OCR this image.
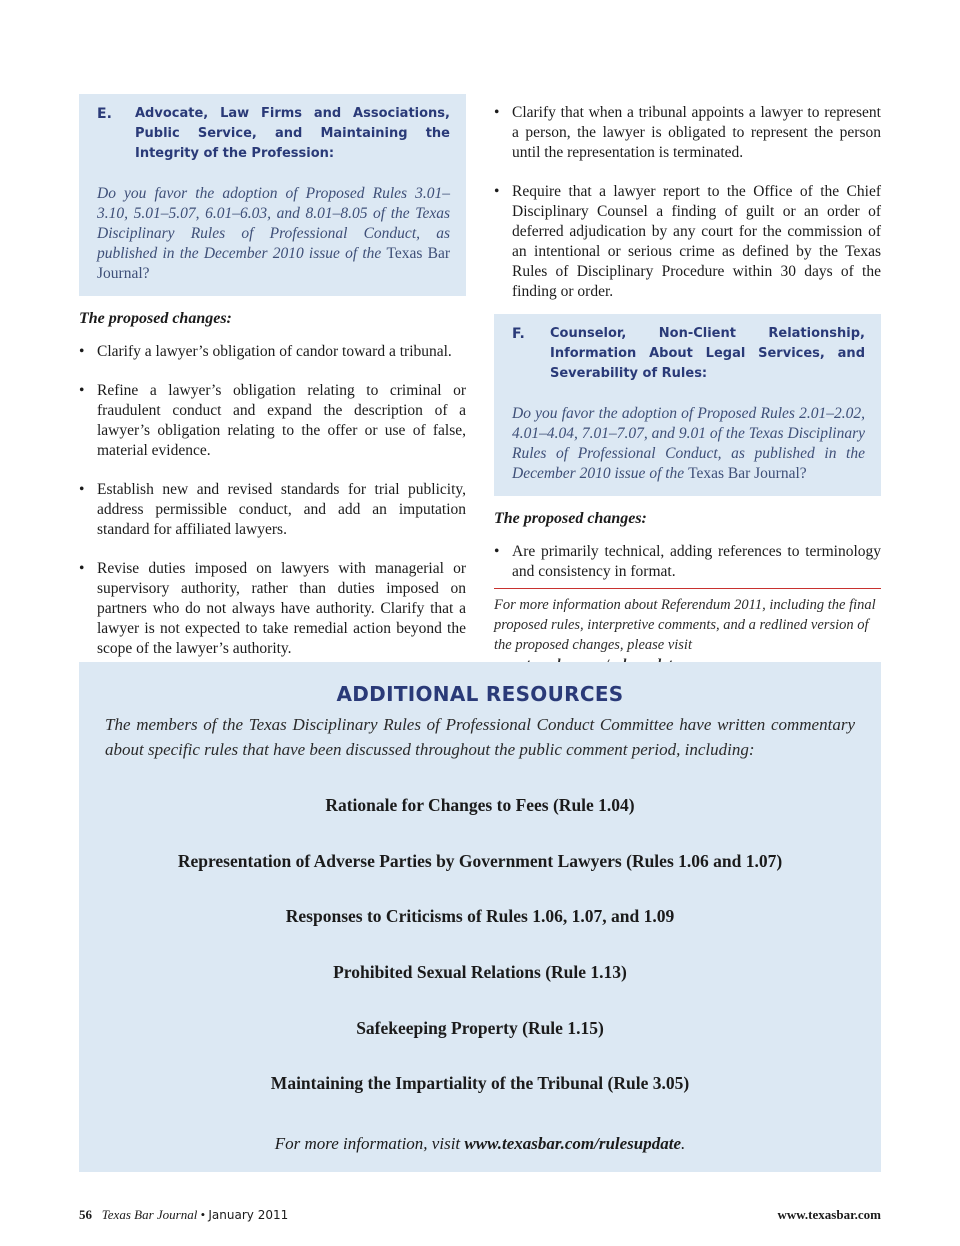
E.	Advocate, Law Firms and Associations, Public Service, and Maintaining the Integrity of the Profession:
Do you favor the adoption of Proposed Rules 3.01– 3.10, 5.01–5.07, 6.01–6.03, and 8.01–8.05 of the Texas Disciplinary Rules of Professional Conduct, as published in the December 2010 issue of the Texas Bar Journal?
The proposed changes:
• Clarify a lawyer’s obligation of candor toward a tribunal.
• Refine a lawyer’s obligation relating to criminal or fraudulent conduct and expand the description of a lawyer’s obligation relating to the offer or use of false, material evidence.
• Establish new and revised standards for trial publicity, address permissible conduct, and add an imputation standard for affiliated lawyers.
• Revise duties imposed on lawyers with managerial or supervisory authority, rather than duties imposed on partners who do not always have authority. Clarify that a lawyer is not expected to take remedial action beyond the scope of the lawyer’s authority.
• Clarify that when a tribunal appoints a lawyer to represent a person, the lawyer is obligated to represent the person until the representation is terminated.
• Require that a lawyer report to the Office of the Chief Disciplinary Counsel a finding of guilt or an order of deferred adjudication by any court for the commission of an intentional or serious crime as defined by the Texas Rules of Disciplinary Procedure within 30 days of the finding or order.
F.	Counselor, Non-Client Relationship, Information About Legal Services, and Severability of Rules:
Do you favor the adoption of Proposed Rules 2.01–2.02, 4.01–4.04, 7.01–7.07, and 9.01 of the Texas Disciplinary Rules of Professional Conduct, as published in the December 2010 issue of the Texas Bar Journal?
The proposed changes:
• Are primarily technical, adding references to terminology and consistency in format.
For more information about Referendum 2011, including the final proposed rules, interpretive comments, and a redlined version of the proposed changes, please visit
ADDITIONAL RESOURCES
The members of the Texas Disciplinary Rules of Professional Conduct Committee have written commentary about specific rules that have been discussed throughout the public comment period, including:
Rationale for Changes to Fees (Rule 1.04)
Representation of Adverse Parties by Government Lawyers (Rules 1.06 and 1.07)
Responses to Criticisms of Rules 1.06, 1.07, and 1.09
Prohibited Sexual Relations (Rule 1.13)
Safekeeping Property (Rule 1.15)
Maintaining the Impartiality of the Tribunal (Rule 3.05)
For more information, visit www.texasbar.com/rulesupdate.
56 Texas Bar Journal • January 2011	www.texasbar.com
